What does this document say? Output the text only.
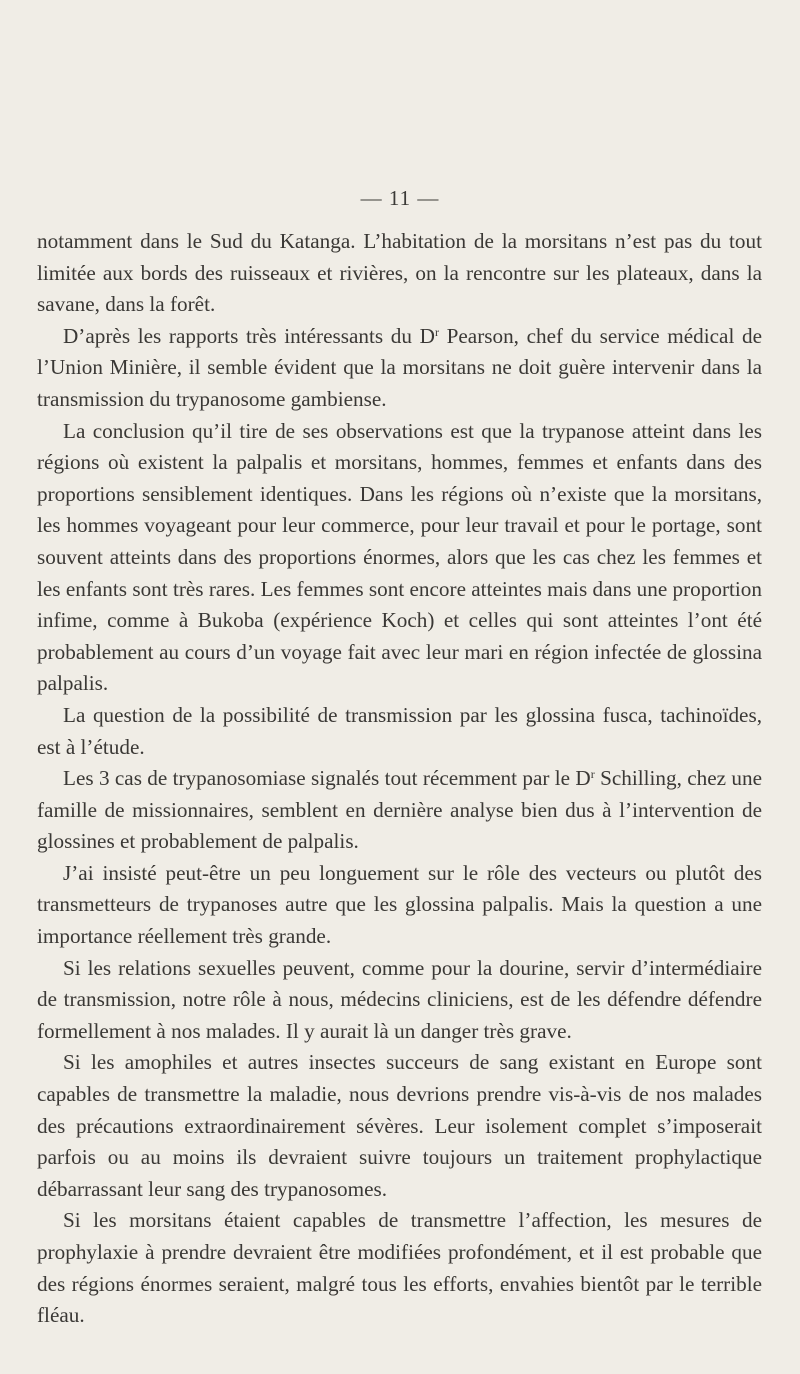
— 11 —

notamment dans le Sud du Katanga. L’habitation de la morsitans n’est pas du tout limitée aux bords des ruisseaux et rivières, on la rencontre sur les plateaux, dans la savane, dans la forêt.

D’après les rapports très intéressants du $D^r$ Pearson, chef du service médical de l’Union Minière, il semble évident que la morsitans ne doit guère intervenir dans la transmission du trypanosome gambiense.

La conclusion qu’il tire de ses observations est que la trypanose atteint dans les régions où existent la palpalis et morsitans, hommes, femmes et enfants dans des proportions sensiblement identiques. Dans les régions où n’existe que la morsitans, les hommes voyageant pour leur commerce, pour leur travail et pour le portage, sont souvent atteints dans des proportions énormes, alors que les cas chez les femmes et les enfants sont très rares. Les femmes sont encore atteintes mais dans une proportion infime, comme à Bukoba (expérience Koch) et celles qui sont atteintes l’ont été probablement au cours d’un voyage fait avec leur mari en région infectée de glossina palpalis.

La question de la possibilité de transmission par les glossina fusca, tachinoïdes, est à l’étude.

Les 3 cas de trypanosomiase signalés tout récemment par le $D^r$ Schilling, chez une famille de missionnaires, semblent en dernière analyse bien dus à l’intervention de glossines et probablement de palpalis.

J’ai insisté peut-être un peu longuement sur le rôle des vecteurs ou plutôt des transmetteurs de trypanoses autre que les glossina palpalis. Mais la question a une importance réellement très grande.

Si les relations sexuelles peuvent, comme pour la dourine, servir d’intermédiaire de transmission, notre rôle à nous, médecins cliniciens, est de les défendre défendre formellement à nos malades. Il y aurait là un danger très grave.

Si les amophiles et autres insectes succeurs de sang existant en Europe sont capables de transmettre la maladie, nous devrions prendre vis-à-vis de nos malades des précautions extraordinairement sévères. Leur isolement complet s’imposerait parfois ou au moins ils devraient suivre toujours un traitement prophylactique débarrassant leur sang des trypanosomes.

Si les morsitans étaient capables de transmettre l’affection, les mesures de prophylaxie à prendre devraient être modifiées profondément, et il est probable que des régions énormes seraient, malgré tous les efforts, envahies bientôt par le terrible fléau.
